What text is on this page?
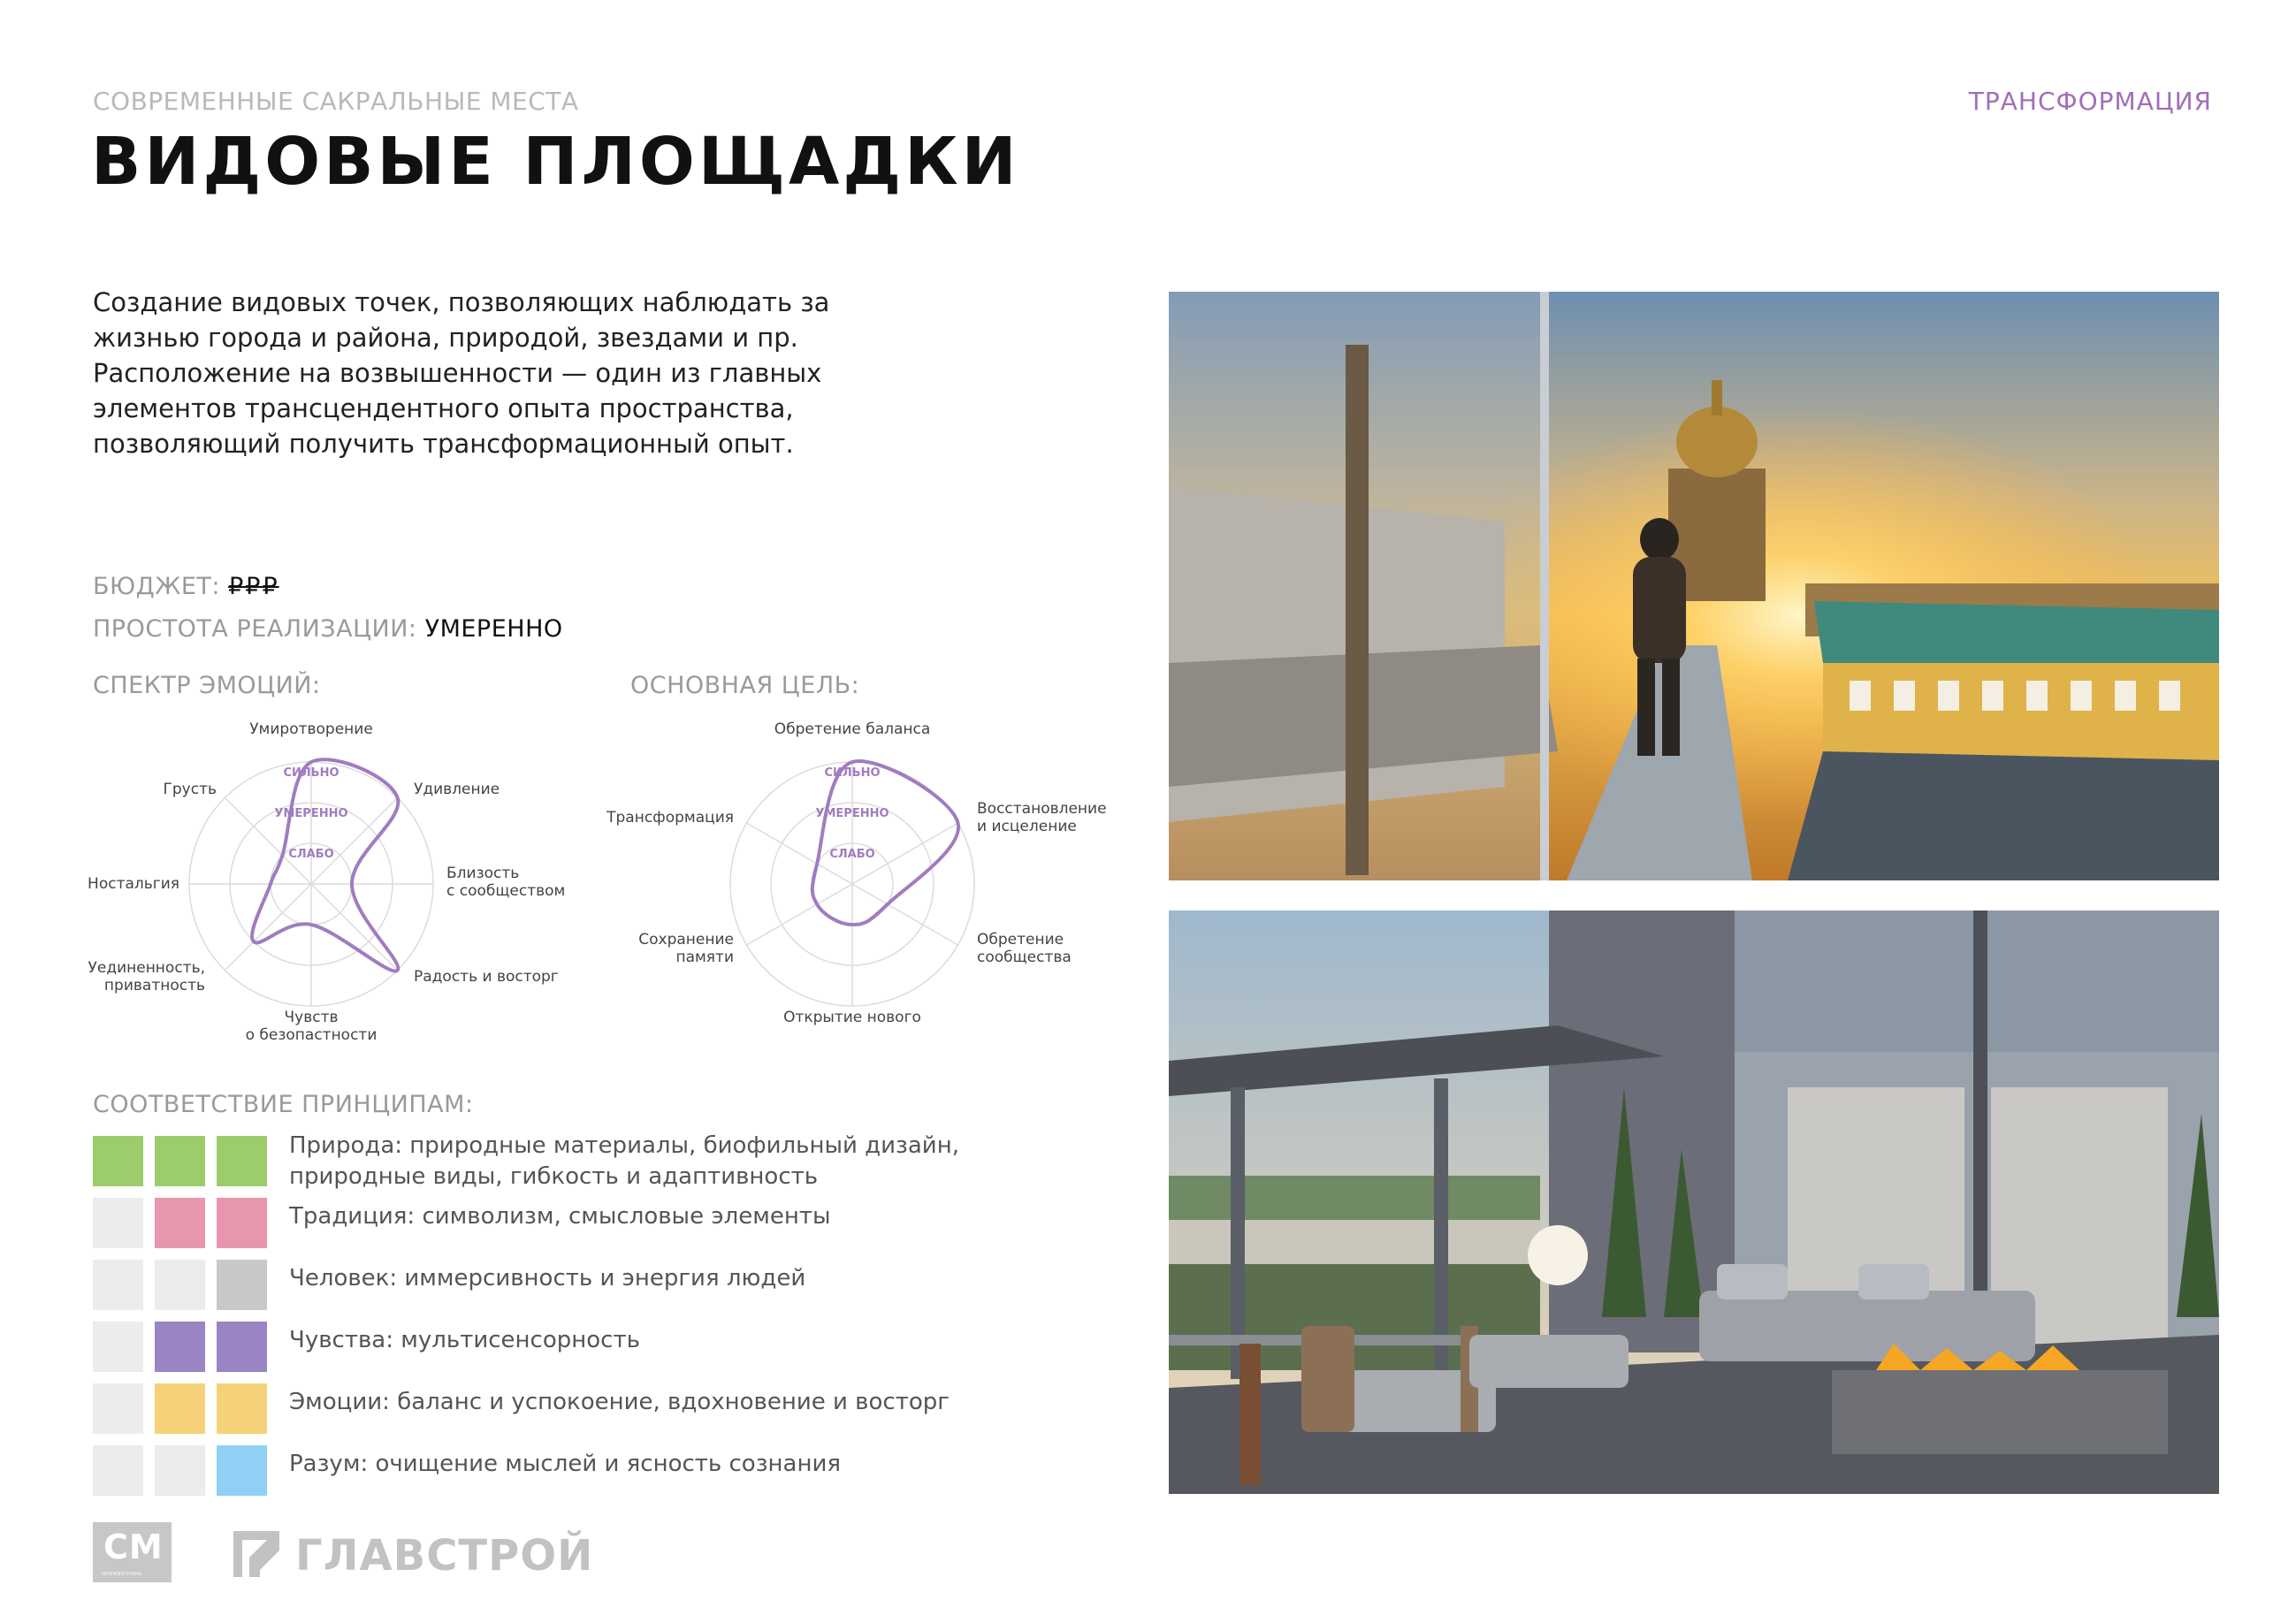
СОВРЕМЕННЫЕ САКРАЛЬНЫЕ МЕСТА	ТРАНСФОРМАЦИЯ
ВИДОВЫЕ ПЛОЩАДКИ
Создание видовых точек, позволяющих наблюдать за жизнью города и района, природой, звездами и пр. Расположение на возвышенности — один из главных элементов трансцендентного опыта пространства, позволяющий получить трансформационный опыт.
БЮДЖЕТ: ₽₽₽
ПРОСТОТА РЕАЛИЗАЦИИ: УМЕРЕННО
СПЕКТР ЭМОЦИЙ:	ОСНОВНАЯ ЦЕЛЬ:
СЛАБО
УМЕРЕННО
СИЛЬНО
Умиротворение
Удивление
Близость с сообществом
Радость и восторг
Чувств о безопастности
Уединенность, приватность
Ностальгия
Грусть
СЛАБО
УМЕРЕННО
СИЛЬНО
Обретение баланса
Восстановление и исцеление
Обретение сообщества
Открытие нового
Сохранение памяти
Трансформация
СООТВЕТСТВИЕ ПРИНЦИПАМ:
Природа: природные материалы, биофильный дизайн,
природные виды, гибкость и адаптивность
Традиция: символизм, смысловые элементы
Человек: иммерсивность и энергия людей
Чувства: мультисенсорность
Эмоции: баланс и успокоение, вдохновение и восторг
Разум: очищение мыслей и ясность сознания
CM
INTERNATIONAL	ГЛАВСТРОЙ
